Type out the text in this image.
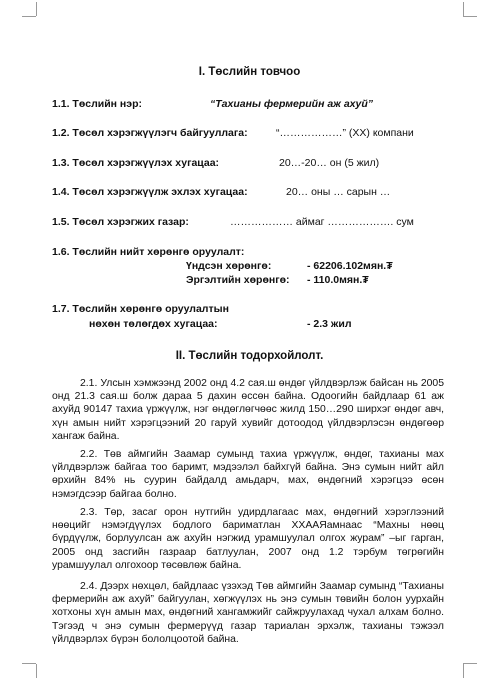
I. Төслийн товчоо
1.1. Төслийн нэр:	“Тахианы фермерийн аж ахуй”
1.2. Төсөл хэрэгжүүлэгч байгууллага:	“………………” (ХХ) компани
1.3. Төсөл хэрэгжүүлэх хугацаа:	20…-20… он (5 жил)
1.4. Төсөл хэрэгжүүлж эхлэх хугацаа:	20… оны … сарын …
1.5. Төсөл хэрэгжих газар:	……………… аймаг ………………. сум
1.6. Төслийн нийт хөрөнгө оруулалт:
Үндсэн хөрөнгө:	- 62206.102мян.₮
Эргэлтийн хөрөнгө: - 110.0мян.₮
1.7. Төслийн хөрөнгө оруулалтын
нөхөн төлөгдөх хугацаа:	- 2.3 жил
II. Төслийн тодорхойлолт.
2.1. Улсын хэмжээнд 2002 онд 4.2 сая.ш өндөг үйлдвэрлэж байсан нь 2005 онд 21.3 сая.ш болж дараа 5 дахин өссөн байна. Одоогийн байдлаар 61 аж ахуйд 90147 тахиа үржүүлж, нэг өндөглөгчөөс жилд 150…290 ширхэг өндөг авч, хүн амын нийт хэрэгцээний 20 гаруй хувийг дотоодод үйлдвэрлэсэн өндөгөөр хангаж байна.
2.2. Төв аймгийн Заамар сумынд тахиа үржүүлж, өндөг, тахианы мах үйлдвэрлэж байгаа тоо баримт, мэдээлэл байхгүй байна. Энэ сумын нийт айл өрхийн 84% нь суурин байдалд амьдарч, мах, өндөгний хэрэгцээ өсөн нэмэгдсээр байгаа болно.
2.3. Төр, засаг орон нутгийн удирдлагаас мах, өндөгний хэрэглээний нөөцийг нэмэгдүүлэх бодлого бариматлан ХХААЯамнаас “Махны нөөц бүрдүүлж, борлуулсан аж ахуйн нэгжид урамшуулал олгох журам” –ыг гарган, 2005 онд засгийн газраар батлуулан, 2007 онд 1.2 тэрбум төгрөгийн урамшуулал олгохоор төсөвлөж байна.
2.4. Дээрх нөхцөл, байдлаас үзэхэд Төв аймгийн Заамар сумынд “Тахианы фермерийн аж ахуй” байгуулан, хөгжүүлэх нь энэ сумын төвийн болон уурхайн хотхоны хүн амын мах, өндөгний хангамжийг сайжруулахад чухал алхам болно. Тэгээд ч энэ сумын фермерүүд газар тариалан эрхэлж, тахианы тэжээл үйлдвэрлэх бүрэн бололцоотой байна.
